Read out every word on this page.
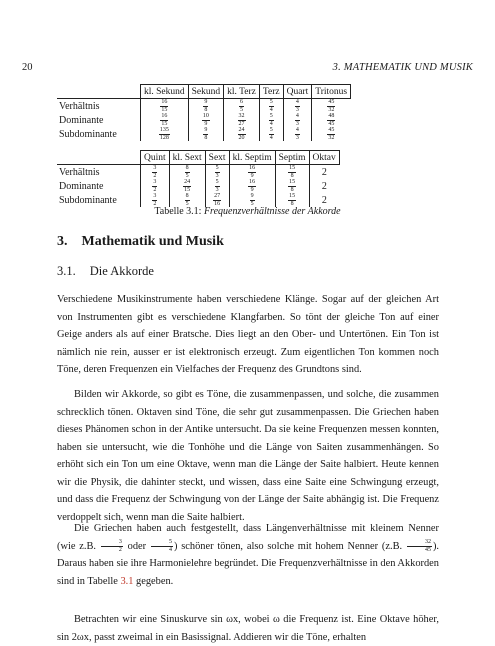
20	3. MATHEMATIK UND MUSIK
	kl. Sekund	Sekund	kl. Terz	Terz	Quart	Tritonus
Verhältnis	$\frac{16}{15}$	$\frac{9}{8}$	$\frac{6}{5}$	$\frac{5}{4}$	$\frac{4}{3}$	$\frac{45}{32}$

Dominante	$\frac{16}{15}$	$\frac{10}{9}$	$\frac{32}{27}$	$\frac{5}{4}$	$\frac{4}{3}$	$\frac{48}{45}$

Subdominante	$\frac{135}{128}$	$\frac{9}{8}$	$\frac{24}{20}$	$\frac{5}{4}$	$\frac{4}{3}$	$\frac{45}{32}$
	Quint	kl. Sext	Sext	kl. Septim	Septim	Oktav
Verhältnis	$\frac{3}{2}$	$\frac{8}{5}$	$\frac{5}{3}$	$\frac{16}{9}$	$\frac{15}{8}$	2
Dominante	$\frac{3}{2}$	$\frac{24}{15}$	$\frac{5}{3}$	$\frac{16}{9}$	$\frac{15}{8}$	2
Subdominante	$\frac{3}{2}$	$\frac{8}{5}$	$\frac{27}{16}$	$\frac{9}{5}$	$\frac{15}{8}$	2
Tabelle 3.1: Frequenzverhältnisse der Akkorde
3. Mathematik und Musik
3.1. Die Akkorde

Verschiedene Musikinstrumente haben verschiedene Klänge. Sogar auf der gleichen Art von Instrumenten gibt es verschiedene Klangfarben. So tönt der gleiche Ton auf einer Geige anders als auf einer Bratsche. Dies liegt an den Ober- und Untertönen. Ein Ton ist nämlich nie rein, ausser er ist elektronisch erzeugt. Zum eigentlichen Ton kommen noch Töne, deren Frequenzen ein Vielfaches der Frequenz des Grundtons sind.

Bilden wir Akkorde, so gibt es Töne, die zusammenpassen, und solche, die zusammen schrecklich tönen. Oktaven sind Töne, die sehr gut zusammenpassen. Die Griechen haben dieses Phänomen schon in der Antike untersucht. Da sie keine Frequenzen messen konnten, haben sie untersucht, wie die Tonhöhe und die Länge von Saiten zusammenhängen. So erhöht sich ein Ton um eine Oktave, wenn man die Länge der Saite halbiert. Heute kennen wir die Physik, die dahinter steckt, und wissen, dass eine Saite eine Schwingung erzeugt, und dass die Frequenz der Schwingung von der Länge der Saite abhängig ist. Die Frequenz verdoppelt sich, wenn man die Saite halbiert.

Die Griechen haben auch festgestellt, dass Längenverhältnisse mit kleinem Nenner (wie z.B. $\frac{3}{2}$ oder $\frac{5}{4}$ ) schöner tönen, also solche mit hohem Nenner (z.B. $\frac{32}{45}$ ). Daraus haben sie ihre Harmonielehre begründet. Die Frequenzverhältnisse in den Akkorden sind in Tabelle 3.1 gegeben.

Betrachten wir eine Sinuskurve sin ωx, wobei ω die Frequenz ist. Eine Oktave höher, sin 2ωx, passt zweimal in ein Basissignal. Addieren wir die Töne, erhalten
